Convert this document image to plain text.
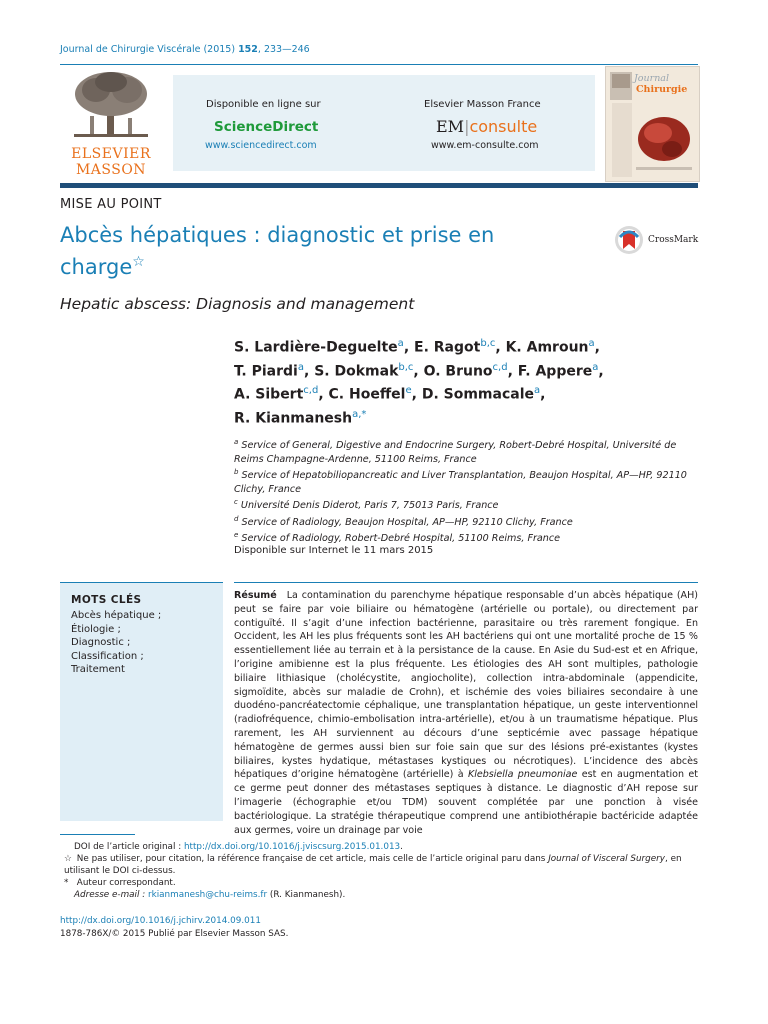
Journal de Chirurgie Viscérale (2015) 152, 233—246
ELSEVIER
MASSON
Disponible en ligne sur
ScienceDirect
www.sciencedirect.com
Elsevier Masson France
EM|consulte
www.em-consulte.com
Journal
Chirurgie
MISE AU POINT
Abcès hépatiques : diagnostic et prise en charge☆
CrossMark
Hepatic abscess: Diagnosis and management
S. Lardière-Deguelte$^a$, E. Ragot$^{b,c}$, K. Amroun$^a$,
T. Piardi$^a$, S. Dokmak$^{b,c}$, O. Bruno$^{c,d}$, F. Appere$^a$,
A. Sibert$^{c,d}$, C. Hoeffel$^e$, D. Sommacale$^a$,
R. Kianmanesh$^{a,*}$

$^a$ Service of General, Digestive and Endocrine Surgery, Robert-Debré Hospital, Université de Reims Champagne-Ardenne, 51100 Reims, France

$^b$ Service of Hepatobiliopancreatic and Liver Transplantation, Beaujon Hospital, AP—HP, 92110 Clichy, France

$^c$ Université Denis Diderot, Paris 7, 75013 Paris, France

$^d$ Service of Radiology, Beaujon Hospital, AP—HP, 92110 Clichy, France

$^e$ Service of Radiology, Robert-Debré Hospital, 51100 Reims, France

Disponible sur Internet le 11 mars 2015
MOTS CLÉS
Abcès hépatique ;
Étiologie ;
Diagnostic ;
Classification ;
Traitement
Résumé La contamination du parenchyme hépatique responsable d’un abcès hépatique (AH) peut se faire par voie biliaire ou hématogène (artérielle ou portale), ou directement par contiguïté. Il s’agit d’une infection bactérienne, parasitaire ou très rarement fongique. En Occident, les AH les plus fréquents sont les AH bactériens qui ont une mortalité proche de 15 % essentiellement liée au terrain et à la persistance de la cause. En Asie du Sud-est et en Afrique, l’origine amibienne est la plus fréquente. Les étiologies des AH sont multiples, pathologie biliaire lithiasique (cholécystite, angiocholite), collection intra-abdominale (appendicite, sigmoïdite, abcès sur maladie de Crohn), et ischémie des voies biliaires secondaire à une duodéno-pancréatectomie céphalique, une transplantation hépatique, un geste interventionnel (radiofréquence, chimio-embolisation intra-artérielle), et/ou à un traumatisme hépatique. Plus rarement, les AH surviennent au décours d’une septicémie avec passage hépatique hématogène de germes aussi bien sur foie sain que sur des lésions pré-existantes (kystes biliaires, kystes hydatique, métastases kystiques ou nécrotiques). L’incidence des abcès hépatiques d’origine hématogène (artérielle) à Klebsiella pneumoniae est en augmentation et ce germe peut donner des métastases septiques à distance. Le diagnostic d’AH repose sur l’imagerie (échographie et/ou TDM) souvent complétée par une ponction à visée bactériologique. La stratégie thérapeutique comprend une antibiothérapie bactéricide adaptée aux germes, voire un drainage par voie

DOI de l’article original : http://dx.doi.org/10.1016/j.jviscsurg.2015.01.013.

☆ Ne pas utiliser, pour citation, la référence française de cet article, mais celle de l’article original paru dans Journal of Visceral Surgery, en utilisant le DOI ci-dessus.

* Auteur correspondant.

Adresse e-mail : rkianmanesh@chu-reims.fr (R. Kianmanesh).

http://dx.doi.org/10.1016/j.jchirv.2014.09.011
1878-786X/© 2015 Publié par Elsevier Masson SAS.
